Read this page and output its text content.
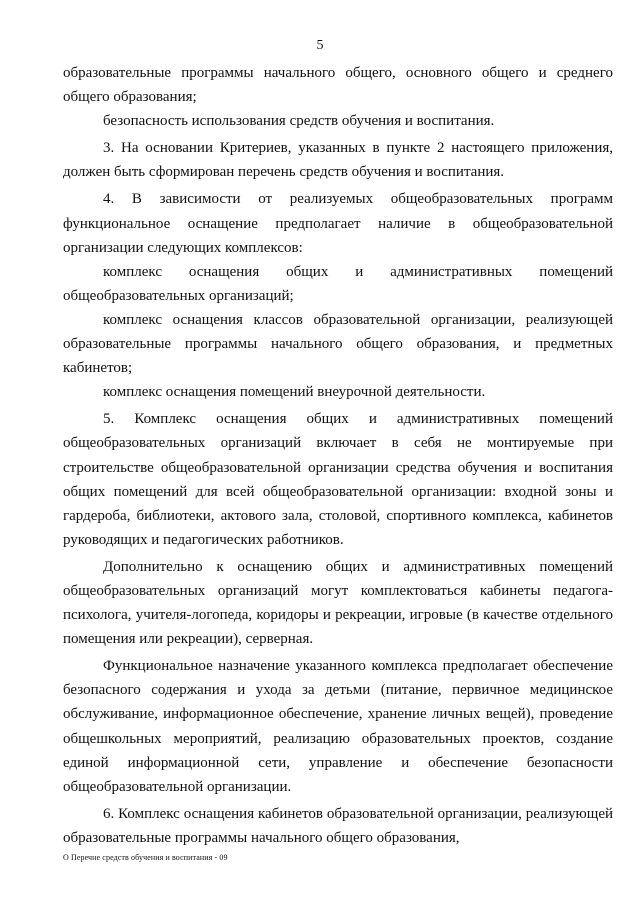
5

образовательные программы начального общего, основного общего и среднего общего образования;

безопасность использования средств обучения и воспитания.

3. На основании Критериев, указанных в пункте 2 настоящего приложения, должен быть сформирован перечень средств обучения и воспитания.

4. В зависимости от реализуемых общеобразовательных программ функциональное оснащение предполагает наличие в общеобразовательной организации следующих комплексов:

комплекс оснащения общих и административных помещений общеобразовательных организаций;

комплекс оснащения классов образовательной организации, реализующей образовательные программы начального общего образования, и предметных кабинетов;

комплекс оснащения помещений внеурочной деятельности.

5. Комплекс оснащения общих и административных помещений общеобразовательных организаций включает в себя не монтируемые при строительстве общеобразовательной организации средства обучения и воспитания общих помещений для всей общеобразовательной организации: входной зоны и гардероба, библиотеки, актового зала, столовой, спортивного комплекса, кабинетов руководящих и педагогических работников.

Дополнительно к оснащению общих и административных помещений общеобразовательных организаций могут комплектоваться кабинеты педагога-психолога, учителя-логопеда, коридоры и рекреации, игровые (в качестве отдельного помещения или рекреации), серверная.

Функциональное назначение указанного комплекса предполагает обеспечение безопасного содержания и ухода за детьми (питание, первичное медицинское обслуживание, информационное обеспечение, хранение личных вещей), проведение общешкольных мероприятий, реализацию образовательных проектов, создание единой информационной сети, управление и обеспечение безопасности общеобразовательной организации.

6. Комплекс оснащения кабинетов образовательной организации, реализующей образовательные программы начального общего образования,

О Перечне средств обучения и воспитания - 09
